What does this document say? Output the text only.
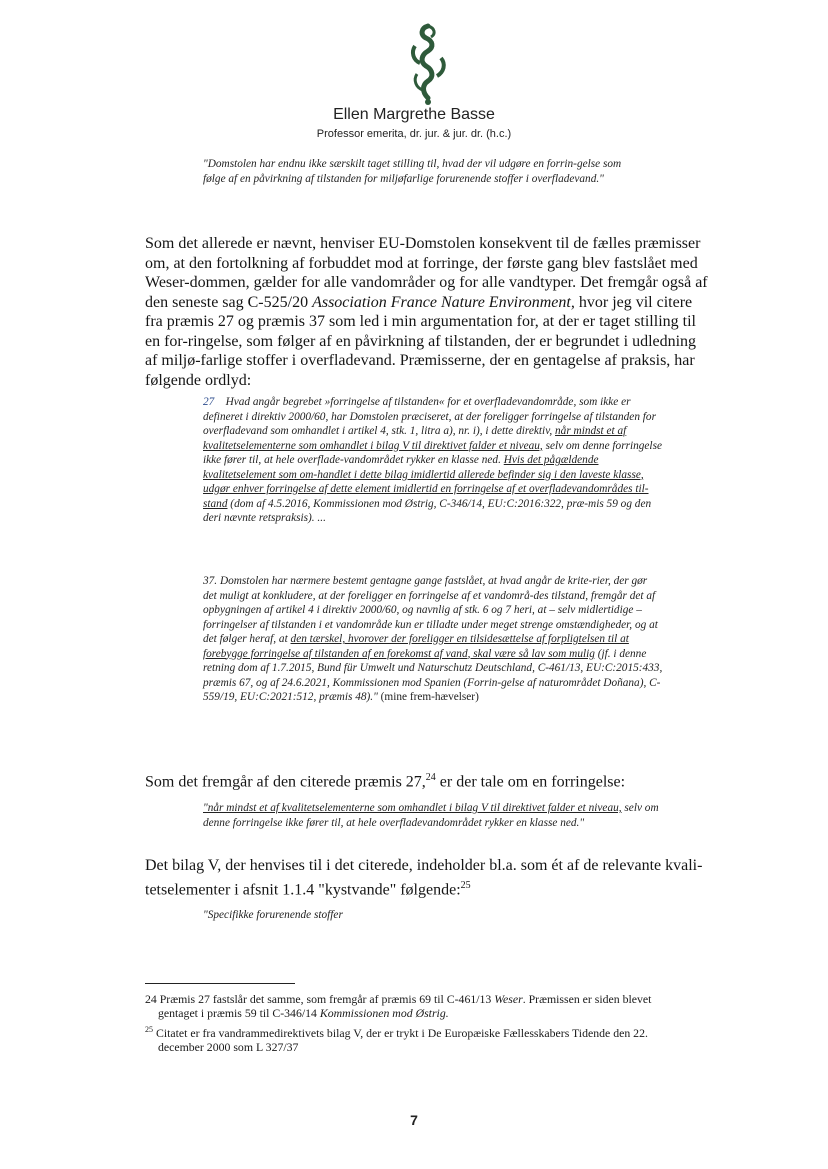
Ellen Margrethe Basse
Professor emerita, dr. jur. & jur. dr. (h.c.)

"Domstolen har endnu ikke særskilt taget stilling til, hvad der vil udgøre en forrin-gelse som følge af en påvirkning af tilstanden for miljøfarlige forurenende stoffer i overfladevand."

Som det allerede er nævnt, henviser EU-Domstolen konsekvent til de fælles præmisser om, at den fortolkning af forbuddet mod at forringe, der første gang blev fastslået med Weser-dommen, gælder for alle vandområder og for alle vandtyper. Det fremgår også af den seneste sag C-525/20 Association France Nature Environment, hvor jeg vil citere fra præmis 27 og præmis 37 som led i min argumentation for, at der er taget stilling til en for-ringelse, som følger af en påvirkning af tilstanden, der er begrundet i udledning af miljø-farlige stoffer i overfladevand. Præmisserne, der en gentagelse af praksis, har følgende ordlyd:

27 Hvad angår begrebet »forringelse af tilstanden« for et overfladevandområde, som ikke er defineret i direktiv 2000/60, har Domstolen præciseret, at der foreligger forringelse af tilstanden for overfladevand som omhandlet i artikel 4, stk. 1, litra a), nr. i), i dette direktiv, når mindst et af kvalitetselementerne som omhandlet i bilag V til direktivet falder et niveau, selv om denne forringelse ikke fører til, at hele overflade-vandområdet rykker en klasse ned. Hvis det pågældende kvalitetselement som om-handlet i dette bilag imidlertid allerede befinder sig i den laveste klasse, udgør enhver forringelse af dette element imidlertid en forringelse af et overfladevandområdes til-stand (dom af 4.5.2016, Kommissionen mod Østrig, C-346/14, EU:C:2016:322, præ-mis 59 og den deri nævnte retspraksis). ...

37. Domstolen har nærmere bestemt gentagne gange fastslået, at hvad angår de krite-rier, der gør det muligt at konkludere, at der foreligger en forringelse af et vandområ-des tilstand, fremgår det af opbygningen af artikel 4 i direktiv 2000/60, og navnlig af stk. 6 og 7 heri, at – selv midlertidige – forringelser af tilstanden i et vandområde kun er tilladte under meget strenge omstændigheder, og at det følger heraf, at den tærskel, hvorover der foreligger en tilsidesættelse af forpligtelsen til at forebygge forringelse af tilstanden af en forekomst af vand, skal være så lav som mulig (jf. i denne retning dom af 1.7.2015, Bund für Umwelt und Naturschutz Deutschland, C-461/13, EU:C:2015:433, præmis 67, og af 24.6.2021, Kommissionen mod Spanien (Forrin-gelse af naturområdet Doñana), C-559/19, EU:C:2021:512, præmis 48)." (mine frem-hævelser)

Som det fremgår af den citerede præmis 27,24 er der tale om en forringelse:

"når mindst et af kvalitetselementerne som omhandlet i bilag V til direktivet falder et niveau, selv om denne forringelse ikke fører til, at hele overfladevandområdet rykker en klasse ned."

Det bilag V, der henvises til i det citerede, indeholder bl.a. som ét af de relevante kvali-tetselementer i afsnit 1.1.4 "kystvande" følgende:$^{25}$

"Specifikke forurenende stoffer

24 Præmis 27 fastslår det samme, som fremgår af præmis 69 til C-461/13 Weser. Præmissen er siden blevet
gentaget i præmis 59 til C-346/14 Kommissionen mod Østrig.
$^{25}$ Citatet er fra vandrammedirektivets bilag V, der er trykt i De Europæiske Fællesskabers Tidende den 22.
december 2000 som L 327/37
7
